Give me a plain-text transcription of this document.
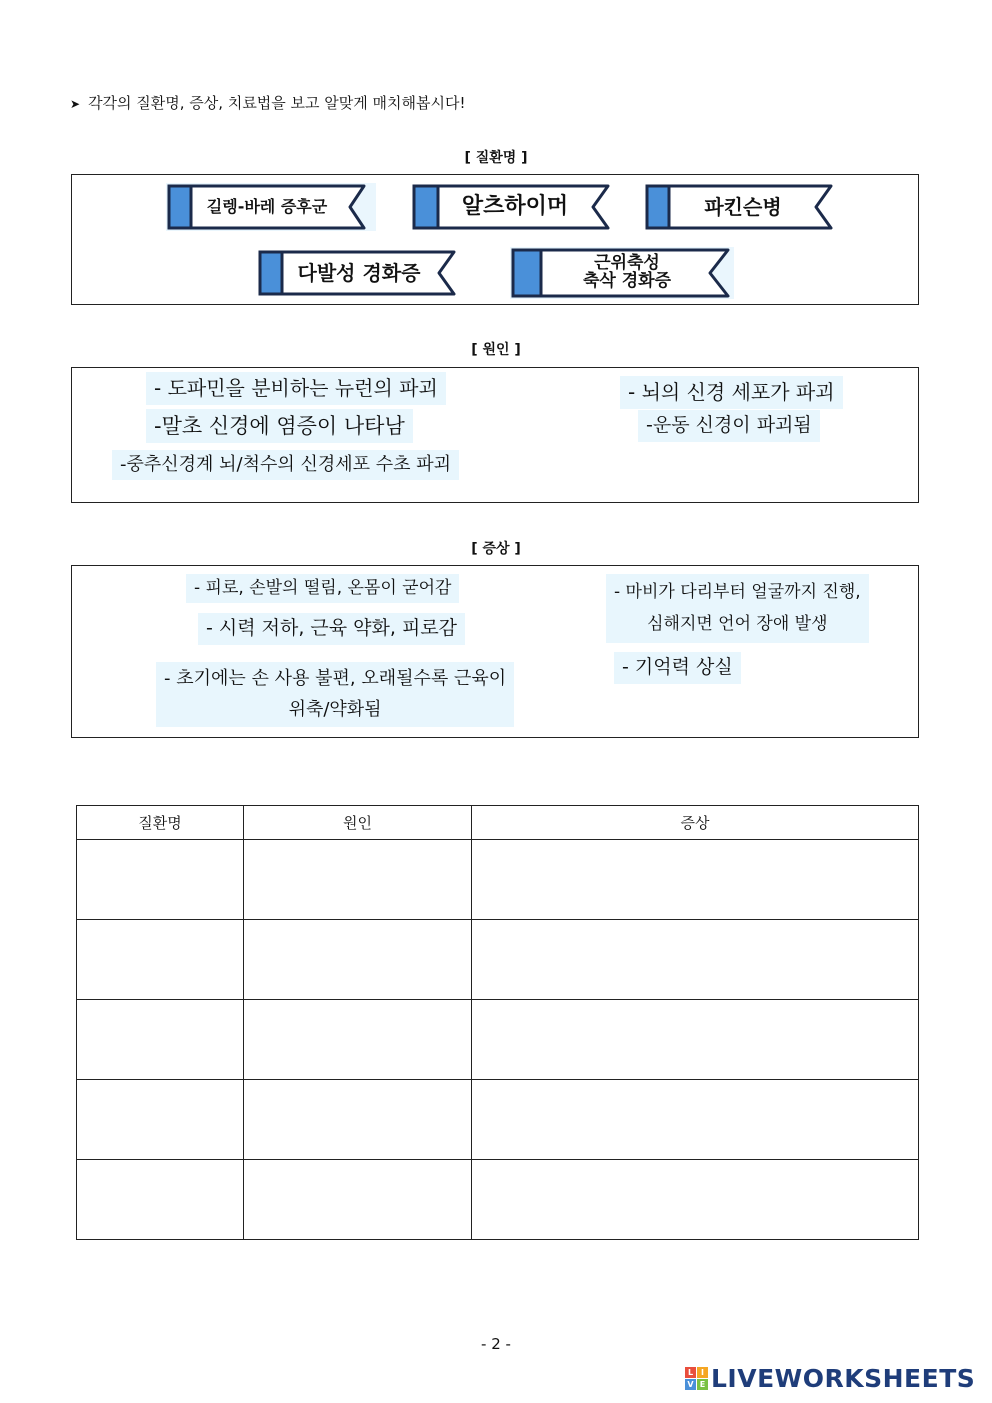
➤ 각각의 질환명, 증상, 치료법을 보고 알맞게 매치해봅시다!
[ 질환명 ]
길렝-바레 증후군	알츠하이머	파킨슨병
다발성 경화증	근위축성
축삭 경화증
[ 원인 ]
- 도파민을 분비하는 뉴런의 파괴
-말초 신경에 염증이 나타남
-중추신경계 뇌/척수의 신경세포 수초 파괴
- 뇌의 신경 세포가 파괴
-운동 신경이 파괴됨
[ 증상 ]
- 피로, 손발의 떨림, 온몸이 굳어감
- 시력 저하, 근육 약화, 피로감
- 초기에는 손 사용 불편, 오래될수록 근육이
위축/약화됨
- 마비가 다리부터 얼굴까지 진행,
심해지면 언어 장애 발생
- 기억력 상실
질환명	원인	증상

- 2 -
L I
V E LIVEWORKSHEETS
